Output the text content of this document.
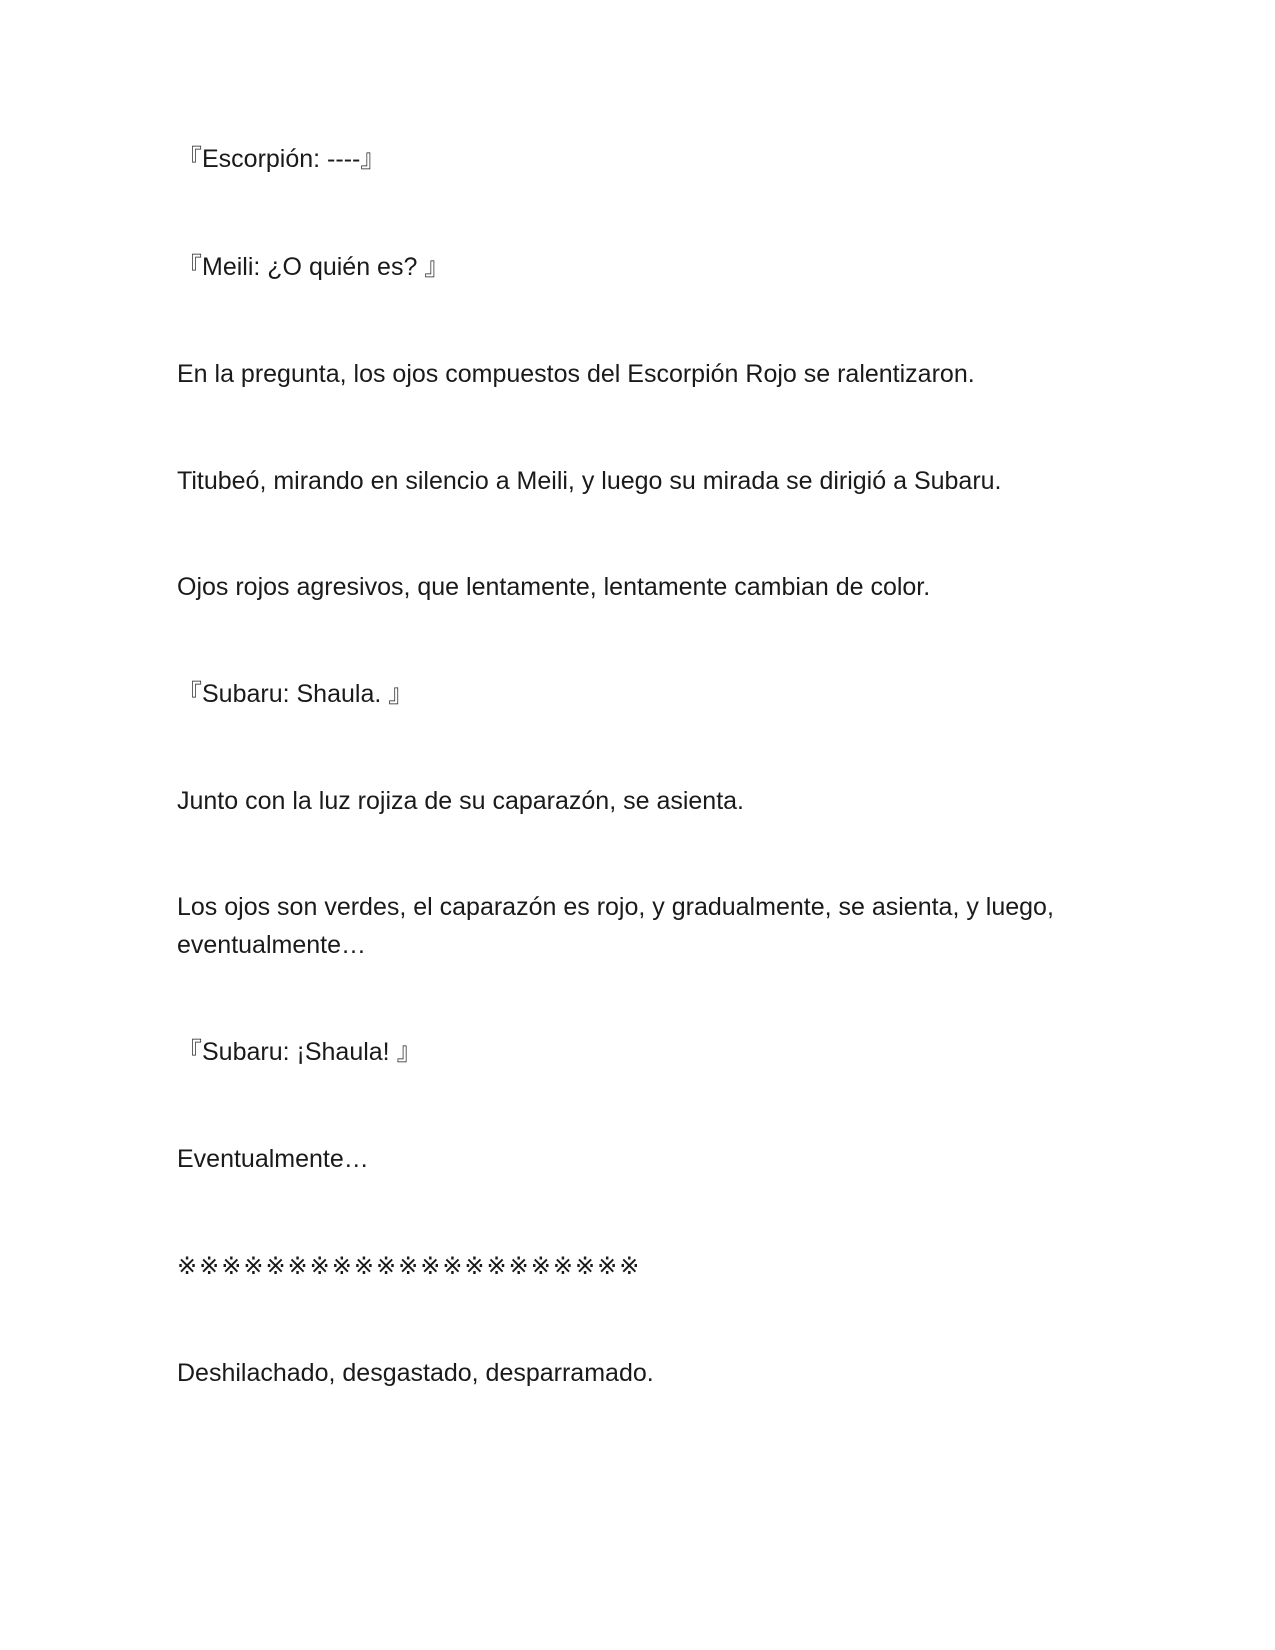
『Escorpión: ----』

『Meili: ¿O quién es? 』

En la pregunta, los ojos compuestos del Escorpión Rojo se ralentizaron.

Titubeó, mirando en silencio a Meili, y luego su mirada se dirigió a Subaru.

Ojos rojos agresivos, que lentamente, lentamente cambian de color.

『Subaru: Shaula. 』

Junto con la luz rojiza de su caparazón, se asienta.

Los ojos son verdes, el caparazón es rojo, y gradualmente, se asienta, y luego, eventualmente…

『Subaru: ¡Shaula! 』

Eventualmente…

※※※※※※※※※※※※※※※※※※※※※

Deshilachado, desgastado, desparramado.
